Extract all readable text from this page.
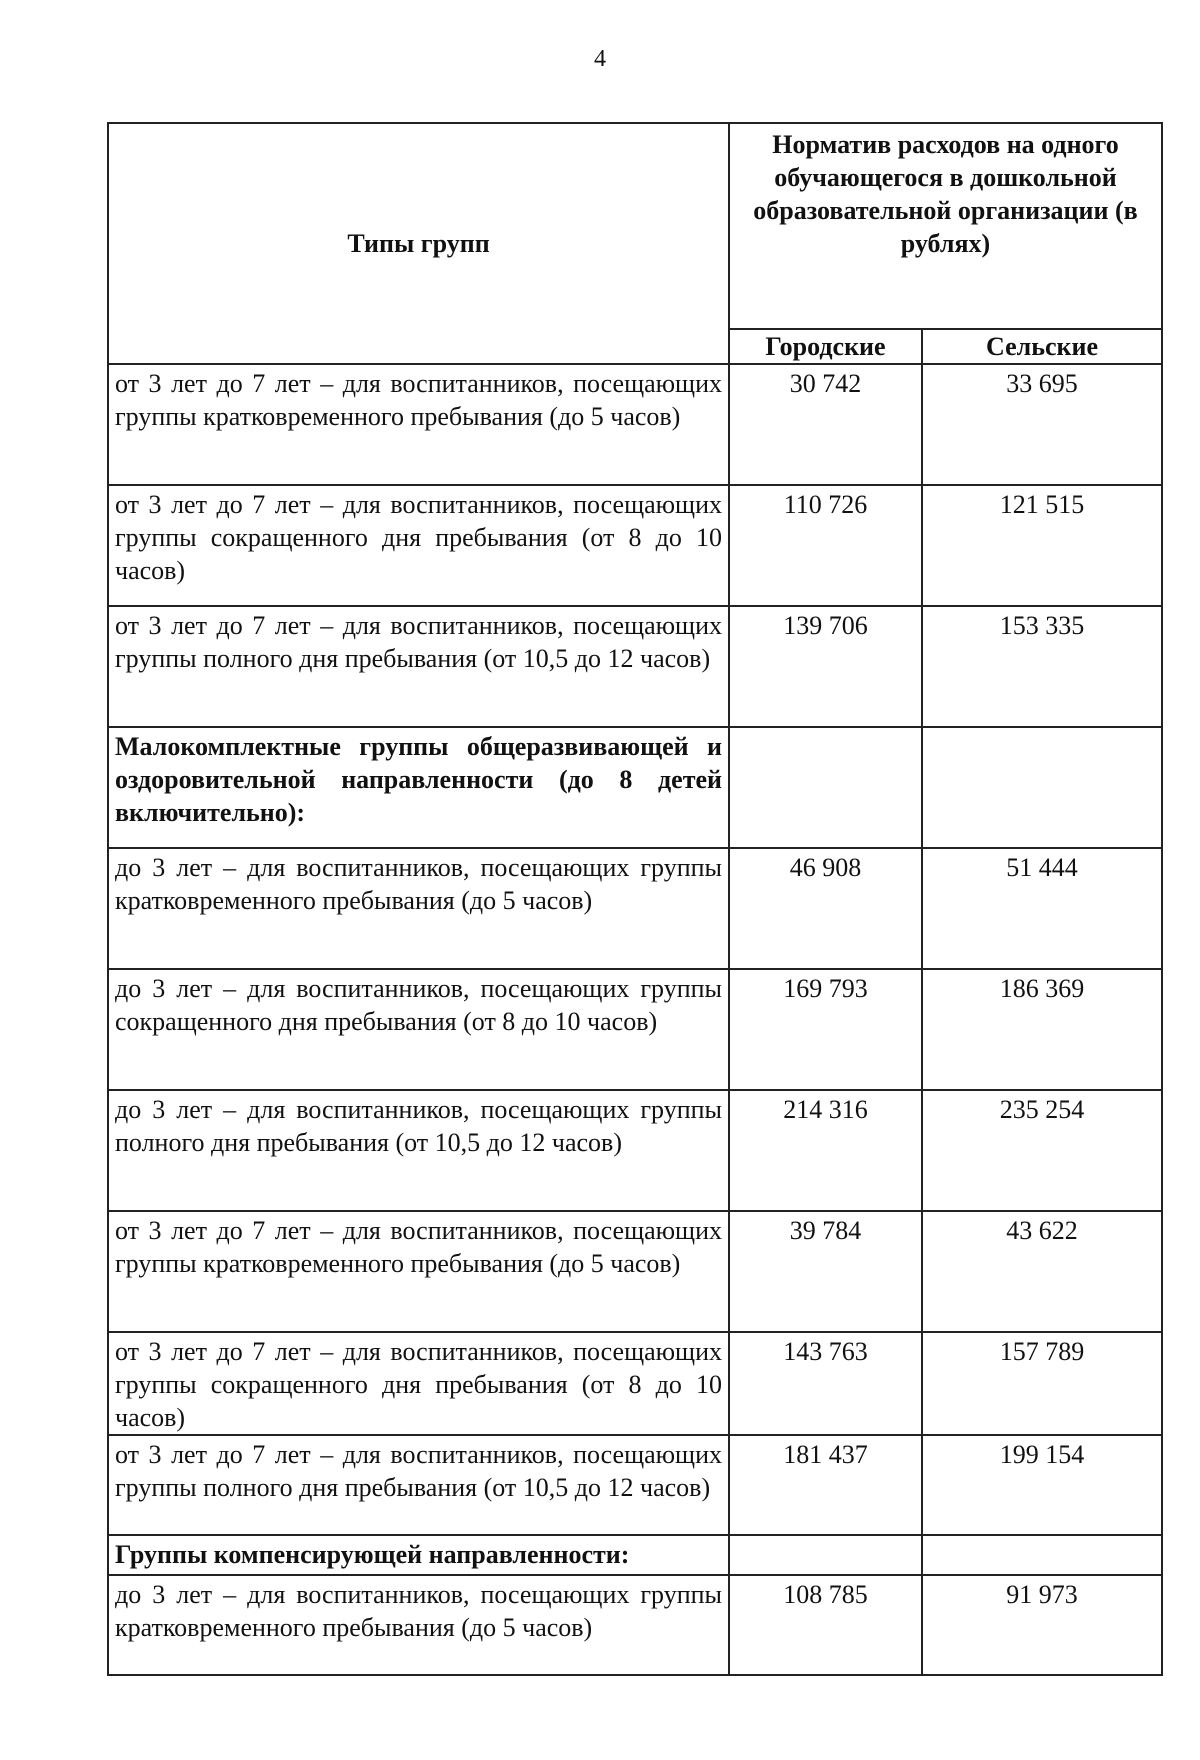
4
Типы групп	Норматив расходов на одного обучающегося в дошкольной образовательной организации (в рублях)	
	Городские	Сельские
от 3 лет до 7 лет – для воспитанников, посещающих группы кратковременного пребывания (до 5 часов)	30 742	33 695
от 3 лет до 7 лет – для воспитанников, посещающих группы сокращенного дня пребывания (от 8 до 10 часов)	110 726	121 515
от 3 лет до 7 лет – для воспитанников, посещающих группы полного дня пребывания (от 10,5 до 12 часов)	139 706	153 335
Малокомплектные группы общеразвивающей и оздоровительной направленности (до 8 детей включительно):		
до 3 лет – для воспитанников, посещающих группы кратковременного пребывания (до 5 часов)	46 908	51 444
до 3 лет – для воспитанников, посещающих группы сокращенного дня пребывания (от 8 до 10 часов)	169 793	186 369
до 3 лет – для воспитанников, посещающих группы полного дня пребывания (от 10,5 до 12 часов)	214 316	235 254
от 3 лет до 7 лет – для воспитанников, посещающих группы кратковременного пребывания (до 5 часов)	39 784	43 622
от 3 лет до 7 лет – для воспитанников, посещающих группы сокращенного дня пребывания (от 8 до 10 часов)	143 763	157 789
от 3 лет до 7 лет – для воспитанников, посещающих группы полного дня пребывания (от 10,5 до 12 часов)	181 437	199 154
Группы компенсирующей направленности:		
до 3 лет – для воспитанников, посещающих группы кратковременного пребывания (до 5 часов)	108 785	91 973
